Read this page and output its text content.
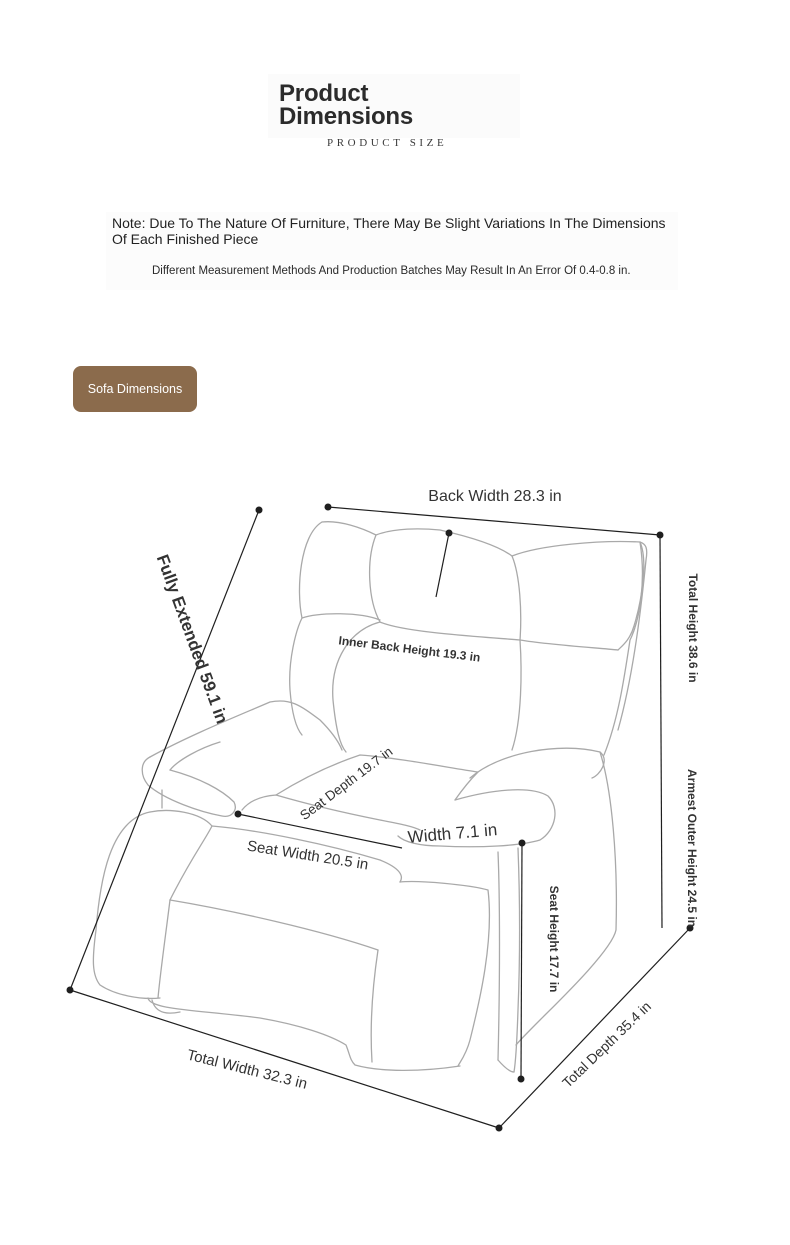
Product
Dimensions
PRODUCT SIZE
Note: Due To The Nature Of Furniture, There May Be Slight Variations In The Dimensions Of Each Finished Piece
Different Measurement Methods And Production Batches May Result In An Error Of 0.4-0.8 in.
Sofa Dimensions
Back Width 28.3 in
Fully Extended 59.1 in	Total Height 38.6 in
Inner Back Height 19.3 in
Seat Depth 19.7 in
Width 7.1 in	Armest Outer Height 24.5 in
Seat Width 20.5 in
Seat Height 17.7 in
Total Width 32.3 in	Total Depth 35.4 in
